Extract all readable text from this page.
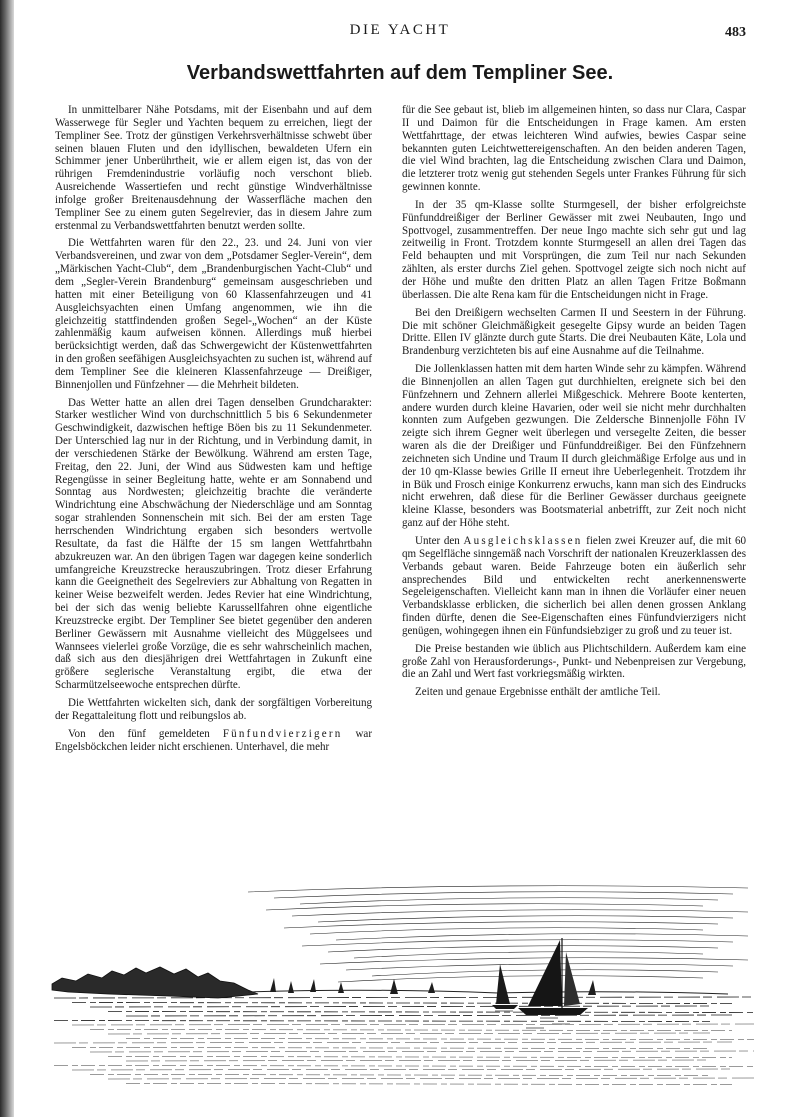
DIE YACHT	483
Verbandswettfahrten auf dem Templiner See.

In unmittelbarer Nähe Potsdams, mit der Eisenbahn und auf dem Wasserwege für Segler und Yachten bequem zu erreichen, liegt der Templiner See. Trotz der günstigen Verkehrsverhältnisse schwebt über seinen blauen Fluten und den idyllischen, bewaldeten Ufern ein Schimmer jener Unberührtheit, wie er allem eigen ist, das von der rührigen Fremdenindustrie vorläufig noch verschont blieb. Ausreichende Wassertiefen und recht günstige Windverhältnisse infolge großer Breitenausdehnung der Wasserfläche machen den Templiner See zu einem guten Segelrevier, das in diesem Jahre zum erstenmal zu Verbandswettfahrten benutzt werden sollte.

Die Wettfahrten waren für den 22., 23. und 24. Juni von vier Verbandsvereinen, und zwar von dem „Potsdamer Segler-Verein“, dem „Märkischen Yacht-Club“, dem „Brandenburgischen Yacht-Club“ und dem „Segler-Verein Brandenburg“ gemeinsam ausgeschrieben und hatten mit einer Beteiligung von 60 Klassenfahrzeugen und 41 Ausgleichsyachten einen Umfang angenommen, wie ihn die gleichzeitig stattfindenden großen Segel-„Wochen“ an der Küste zahlenmäßig kaum aufweisen können. Allerdings muß hierbei berücksichtigt werden, daß das Schwergewicht der Küstenwettfahrten in den großen seefähigen Ausgleichsyachten zu suchen ist, während auf dem Templiner See die kleineren Klassenfahrzeuge — Dreißiger, Binnenjollen und Fünfzehner — die Mehrheit bildeten.

Das Wetter hatte an allen drei Tagen denselben Grundcharakter: Starker westlicher Wind von durchschnittlich 5 bis 6 Sekundenmeter Geschwindigkeit, dazwischen heftige Böen bis zu 11 Sekundenmeter. Der Unterschied lag nur in der Richtung, und in Verbindung damit, in der verschiedenen Stärke der Bewölkung. Während am ersten Tage, Freitag, den 22. Juni, der Wind aus Südwesten kam und heftige Regengüsse in seiner Begleitung hatte, wehte er am Sonnabend und Sonntag aus Nordwesten; gleichzeitig brachte die veränderte Windrichtung eine Abschwächung der Niederschläge und am Sonntag sogar strahlenden Sonnenschein mit sich. Bei der am ersten Tage herrschenden Windrichtung ergaben sich besonders wertvolle Resultate, da fast die Hälfte der 15 sm langen Wettfahrtbahn abzukreuzen war. An den übrigen Tagen war dagegen keine sonderlich umfangreiche Kreuzstrecke herauszubringen. Trotz dieser Erfahrung kann die Geeignetheit des Segelreviers zur Abhaltung von Regatten in keiner Weise bezweifelt werden. Jedes Revier hat eine Windrichtung, bei der sich das wenig beliebte Karussellfahren ohne eigentliche Kreuzstrecke ergibt. Der Templiner See bietet gegenüber den anderen Berliner Gewässern mit Ausnahme vielleicht des Müggelsees und Wannsees vielerlei große Vorzüge, die es sehr wahrscheinlich machen, daß sich aus den diesjährigen drei Wettfahrtagen in Zukunft eine größere seglerische Veranstaltung ergibt, die etwa der Scharmützelseewoche entsprechen dürfte.

Die Wettfahrten wickelten sich, dank der sorgfältigen Vorbereitung der Regattaleitung flott und reibungslos ab.

Von den fünf gemeldeten Fünfundvierzigern war Engelsböckchen leider nicht erschienen. Unterhavel, die mehr

für die See gebaut ist, blieb im allgemeinen hinten, so dass nur Clara, Caspar II und Daimon für die Entscheidungen in Frage kamen. Am ersten Wettfahrttage, der etwas leichteren Wind aufwies, bewies Caspar seine bekannten guten Leichtwettereigenschaften. An den beiden anderen Tagen, die viel Wind brachten, lag die Entscheidung zwischen Clara und Daimon, die letzterer trotz wenig gut stehenden Segels unter Frankes Führung für sich gewinnen konnte.

In der 35 qm-Klasse sollte Sturmgesell, der bisher erfolgreichste Fünfunddreißiger der Berliner Gewässer mit zwei Neubauten, Ingo und Spottvogel, zusammentreffen. Der neue Ingo machte sich sehr gut und lag zeitweilig in Front. Trotzdem konnte Sturmgesell an allen drei Tagen das Feld behaupten und mit Vorsprüngen, die zum Teil nur nach Sekunden zählten, als erster durchs Ziel gehen. Spottvogel zeigte sich noch nicht auf der Höhe und mußte den dritten Platz an allen Tagen Fritze Boßmann überlassen. Die alte Rena kam für die Entscheidungen nicht in Frage.

Bei den Dreißigern wechselten Carmen II und Seestern in der Führung. Die mit schöner Gleichmäßigkeit gesegelte Gipsy wurde an beiden Tagen Dritte. Ellen IV glänzte durch gute Starts. Die drei Neubauten Käte, Lola und Brandenburg verzichteten bis auf eine Ausnahme auf die Teilnahme.

Die Jollenklassen hatten mit dem harten Winde sehr zu kämpfen. Während die Binnenjollen an allen Tagen gut durchhielten, ereignete sich bei den Fünfzehnern und Zehnern allerlei Mißgeschick. Mehrere Boote kenterten, andere wurden durch kleine Havarien, oder weil sie nicht mehr durchhalten konnten zum Aufgeben gezwungen. Die Zeldersche Binnenjolle Föhn IV zeigte sich ihrem Gegner weit überlegen und versegelte Zeiten, die besser waren als die der Dreißiger und Fünfunddreißiger. Bei den Fünfzehnern zeichneten sich Undine und Traum II durch gleichmäßige Erfolge aus und in der 10 qm-Klasse bewies Grille II erneut ihre Ueberlegenheit. Trotzdem ihr in Bük und Frosch einige Konkurrenz erwuchs, kann man sich des Eindrucks nicht erwehren, daß diese für die Berliner Gewässer durchaus geeignete kleine Klasse, besonders was Bootsmaterial anbetrifft, zur Zeit noch nicht ganz auf der Höhe steht.

Unter den Ausgleichsklassen fielen zwei Kreuzer auf, die mit 60 qm Segelfläche sinngemäß nach Vorschrift der nationalen Kreuzerklassen des Verbands gebaut waren. Beide Fahrzeuge boten ein äußerlich sehr ansprechendes Bild und entwickelten recht anerkennenswerte Segeleigenschaften. Vielleicht kann man in ihnen die Vorläufer einer neuen Verbandsklasse erblicken, die sicherlich bei allen denen grossen Anklang finden dürfte, denen die See-Eigenschaften eines Fünfundvierzigers nicht genügen, wohingegen ihnen ein Fünfundsiebziger zu groß und zu teuer ist.

Die Preise bestanden wie üblich aus Plichtschildern. Außerdem kam eine große Zahl von Herausforderungs-, Punkt- und Nebenpreisen zur Vergebung, die an Zahl und Wert fast vorkriegsmäßig wirkten.

Zeiten und genaue Ergebnisse enthält der amtliche Teil.
